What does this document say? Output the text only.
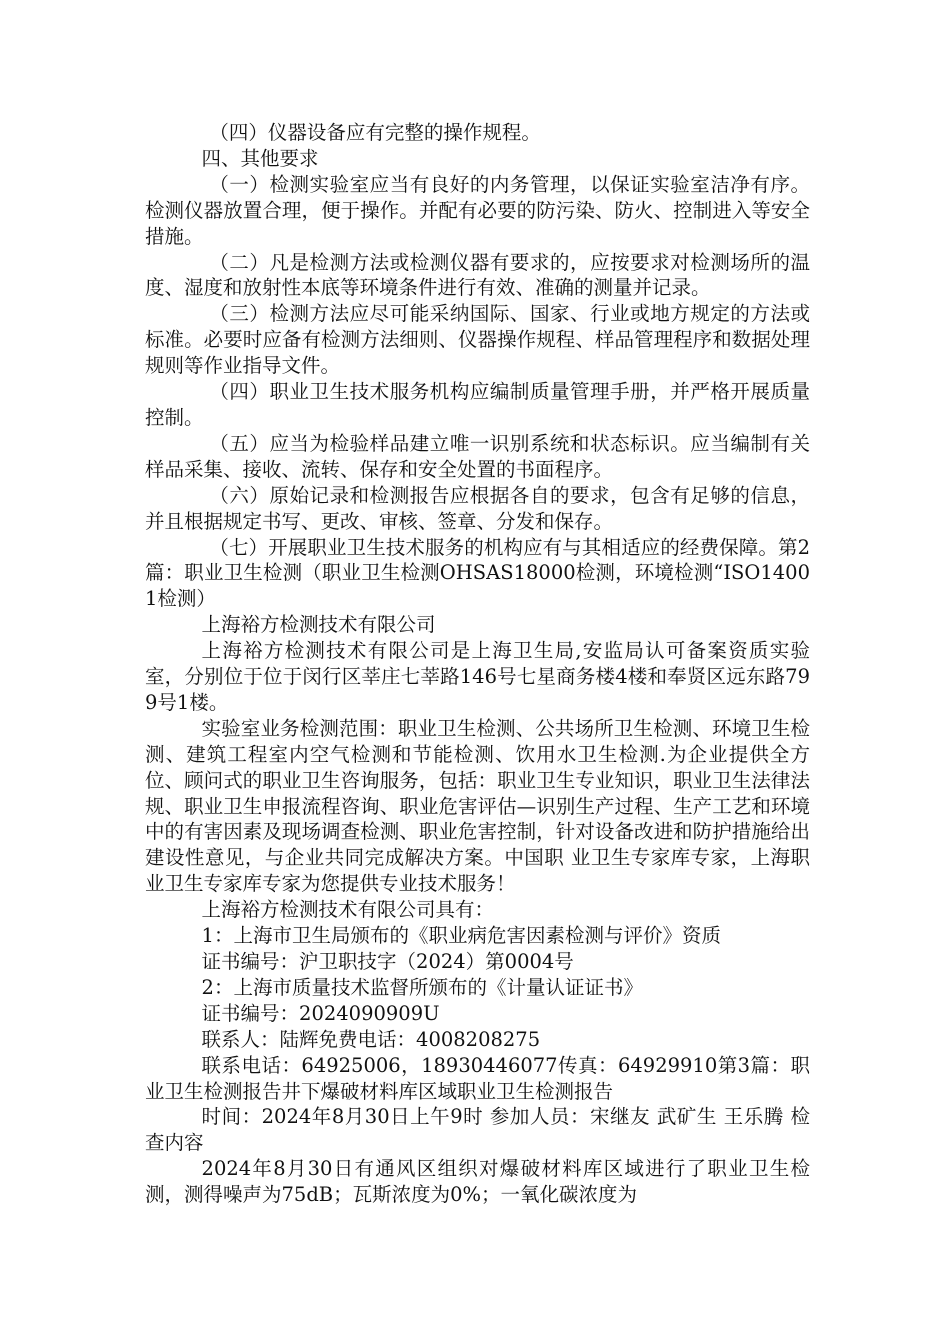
（四）仪器设备应有完整的操作规程。

四、其他要求

（一）检测实验室应当有良好的内务管理，以保证实验室洁净有序。检测仪器放置合理，便于操作。并配有必要的防污染、防火、控制进入等安全措施。

（二）凡是检测方法或检测仪器有要求的，应按要求对检测场所的温度、湿度和放射性本底等环境条件进行有效、准确的测量并记录。

（三）检测方法应尽可能采纳国际、国家、行业或地方规定的方法或标准。必要时应备有检测方法细则、仪器操作规程、样品管理程序和数据处理规则等作业指导文件。

（四）职业卫生技术服务机构应编制质量管理手册，并严格开展质量控制。

（五）应当为检验样品建立唯一识别系统和状态标识。应当编制有关样品采集、接收、流转、保存和安全处置的书面程序。

（六）原始记录和检测报告应根据各自的要求，包含有足够的信息，并且根据规定书写、更改、审核、签章、分发和保存。

（七）开展职业卫生技术服务的机构应有与其相适应的经费保障。第2篇：职业卫生检测（职业卫生检测OHSAS18000检测，环境检测“ISO14001检测）

上海裕方检测技术有限公司

上海裕方检测技术有限公司是上海卫生局,安监局认可备案资质实验室，分别位于位于闵行区莘庄七莘路146号七星商务楼4楼和奉贤区远东路799号1楼。

实验室业务检测范围：职业卫生检测、公共场所卫生检测、环境卫生检测、建筑工程室内空气检测和节能检测、饮用水卫生检测.为企业提供全方位、顾问式的职业卫生咨询服务，包括：职业卫生专业知识，职业卫生法律法规、职业卫生申报流程咨询、职业危害评估—识别生产过程、生产工艺和环境中的有害因素及现场调查检测、职业危害控制，针对设备改进和防护措施给出建设性意见，与企业共同完成解决方案。中国职 业卫生专家库专家，上海职业卫生专家库专家为您提供专业技术服务！

上海裕方检测技术有限公司具有：

1：上海市卫生局颁布的《职业病危害因素检测与评价》资质

证书编号：沪卫职技字（2024）第0004号

2：上海市质量技术监督所颁布的《计量认证证书》

证书编号：2024090909U

联系人：陆辉免费电话：4008208275

联系电话：64925006，18930446077传真：64929910第3篇：职业卫生检测报告井下爆破材料库区域职业卫生检测报告

时间：2024年8月30日上午9时 参加人员：宋继友 武矿生 王乐腾 检查内容

2024年8月30日有通风区组织对爆破材料库区域进行了职业卫生检测，测得噪声为75dB；瓦斯浓度为0%；一氧化碳浓度为
